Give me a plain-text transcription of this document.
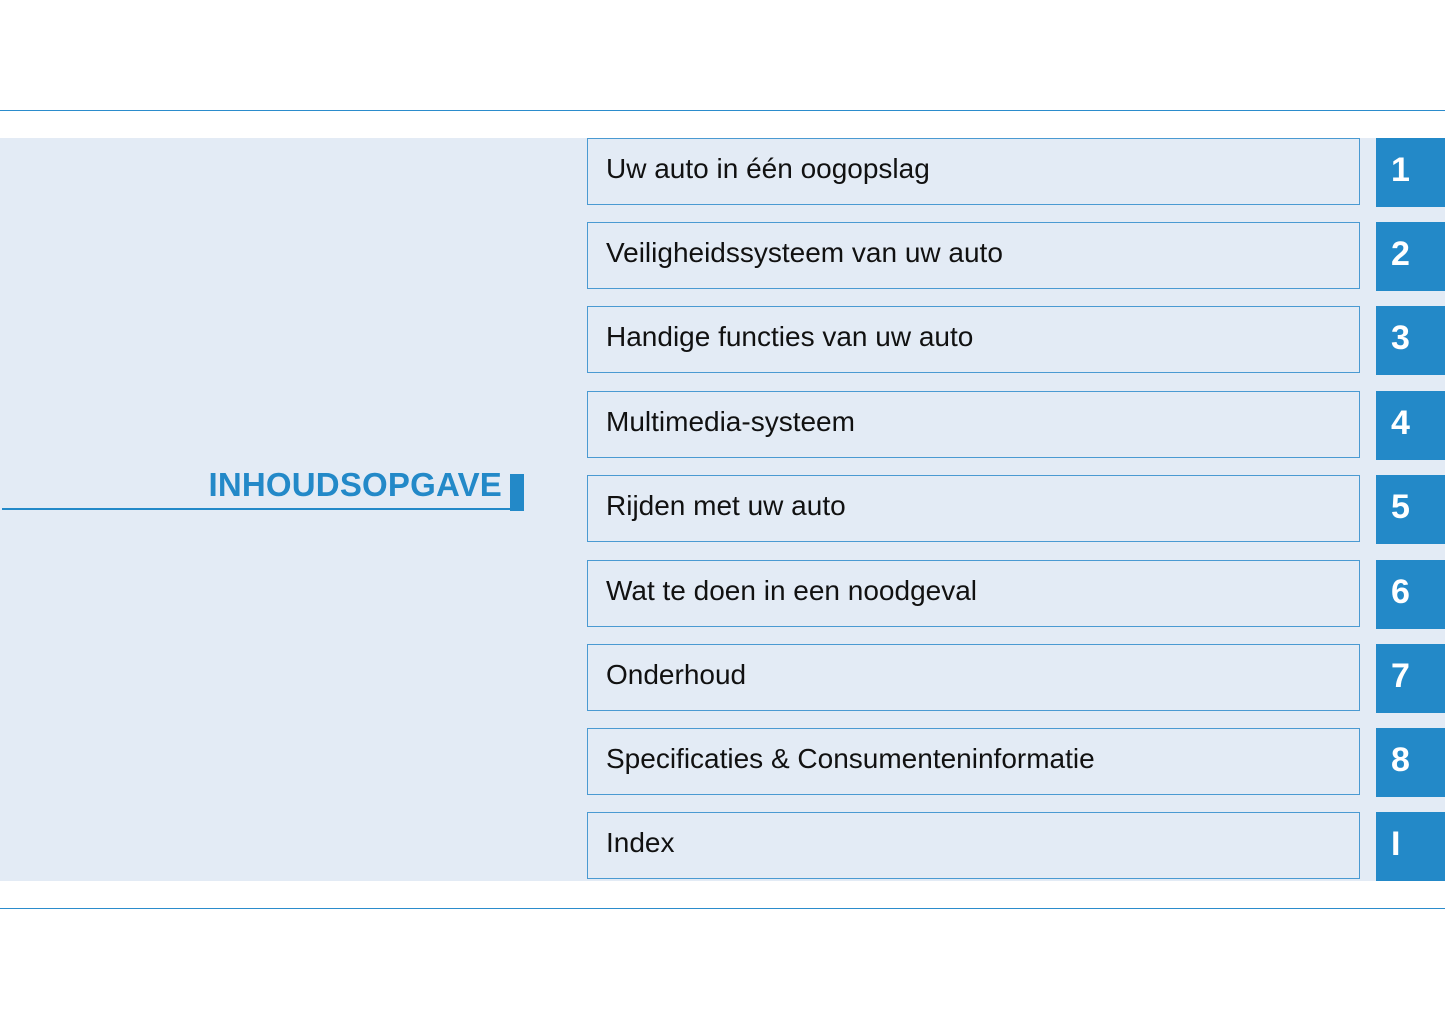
INHOUDSOPGAVE
Uw auto in één oogopslag	1
Veiligheidssysteem van uw auto	2
Handige functies van uw auto	3
Multimedia-systeem	4
Rijden met uw auto	5
Wat te doen in een noodgeval	6
Onderhoud	7
Specificaties & Consumenteninformatie	8
Index	I
